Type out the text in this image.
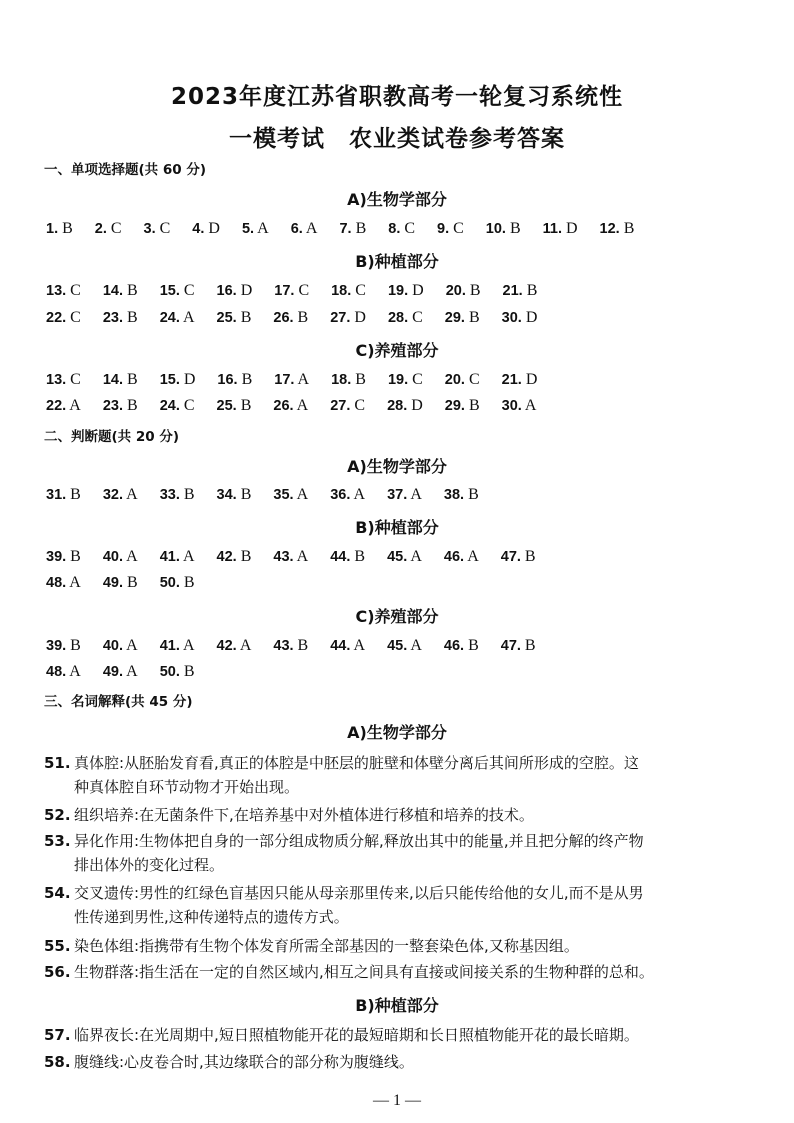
2023年度江苏省职教高考一轮复习系统性
一模考试　农业类试卷参考答案
一、单项选择题(共 60 分)
A)生物学部分
1. B 2. C 3. C 4. D 5. A 6. A 7. B 8. C 9. C 10. B 11. D 12. B
B)种植部分
13. C 14. B 15. C 16. D 17. C 18. C 19. D 20. B 21. B
22. C 23. B 24. A 25. B 26. B 27. D 28. C 29. B 30. D
C)养殖部分
13. C 14. B 15. D 16. B 17. A 18. B 19. C 20. C 21. D
22. A 23. B 24. C 25. B 26. A 27. C 28. D 29. B 30. A
二、判断题(共 20 分)
A)生物学部分
31. B 32. A 33. B 34. B 35. A 36. A 37. A 38. B
B)种植部分
39. B 40. A 41. A 42. B 43. A 44. B 45. A 46. A 47. B
48. A 49. B 50. B
C)养殖部分
39. B 40. A 41. A 42. A 43. B 44. A 45. A 46. B 47. B
48. A 49. A 50. B
三、名词解释(共 45 分)
A)生物学部分
51. 真体腔:从胚胎发育看,真正的体腔是中胚层的脏壁和体壁分离后其间所形成的空腔。这
种真体腔自环节动物才开始出现。
52. 组织培养:在无菌条件下,在培养基中对外植体进行移植和培养的技术。
53. 异化作用:生物体把自身的一部分组成物质分解,释放出其中的能量,并且把分解的终产物
排出体外的变化过程。
54. 交叉遗传:男性的红绿色盲基因只能从母亲那里传来,以后只能传给他的女儿,而不是从男
性传递到男性,这种传递特点的遗传方式。
55. 染色体组:指携带有生物个体发育所需全部基因的一整套染色体,又称基因组。
56. 生物群落:指生活在一定的自然区域内,相互之间具有直接或间接关系的生物种群的总和。
B)种植部分
57. 临界夜长:在光周期中,短日照植物能开花的最短暗期和长日照植物能开花的最长暗期。
58. 腹缝线:心皮卷合时,其边缘联合的部分称为腹缝线。
— 1 —
